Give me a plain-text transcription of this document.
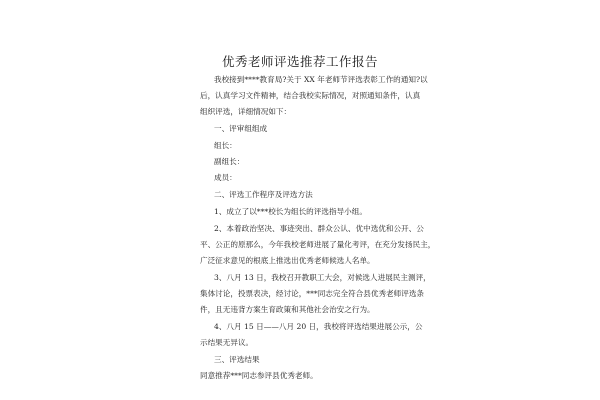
优秀老师评选推荐工作报告
我校接到****教育局?关于 XX 年老师节评选表彰工作的通知?以
后，认真学习文件精神，结合我校实际情况，对照通知条件，认真
组织评选，详细情况如下：
一、评审组组成
组长：
副组长：
成员：
二、评选工作程序及评选方法
1、成立了以***校长为组长的评选指导小组。
2、本着政治坚决、事迹突出、群众公认、优中选优和公开、公
平、公正的原那么，今年我校老师进展了量化考评，在充分发扬民主，
广泛征求意见的根底上推选出优秀老师候选人名单。
3、八月 13 日，我校召开教职工大会，对候选人进展民主测评，
集体讨论，投票表决，经讨论，***同志完全符合县优秀老师评选条
件，且无违背方案生育政策和其他社会治安之行为。
4、八月 15 日——八月 20 日，我校将评选结果进展公示，公
示结果无异议。
三、评选结果
同意推荐***同志参评县优秀老师。
